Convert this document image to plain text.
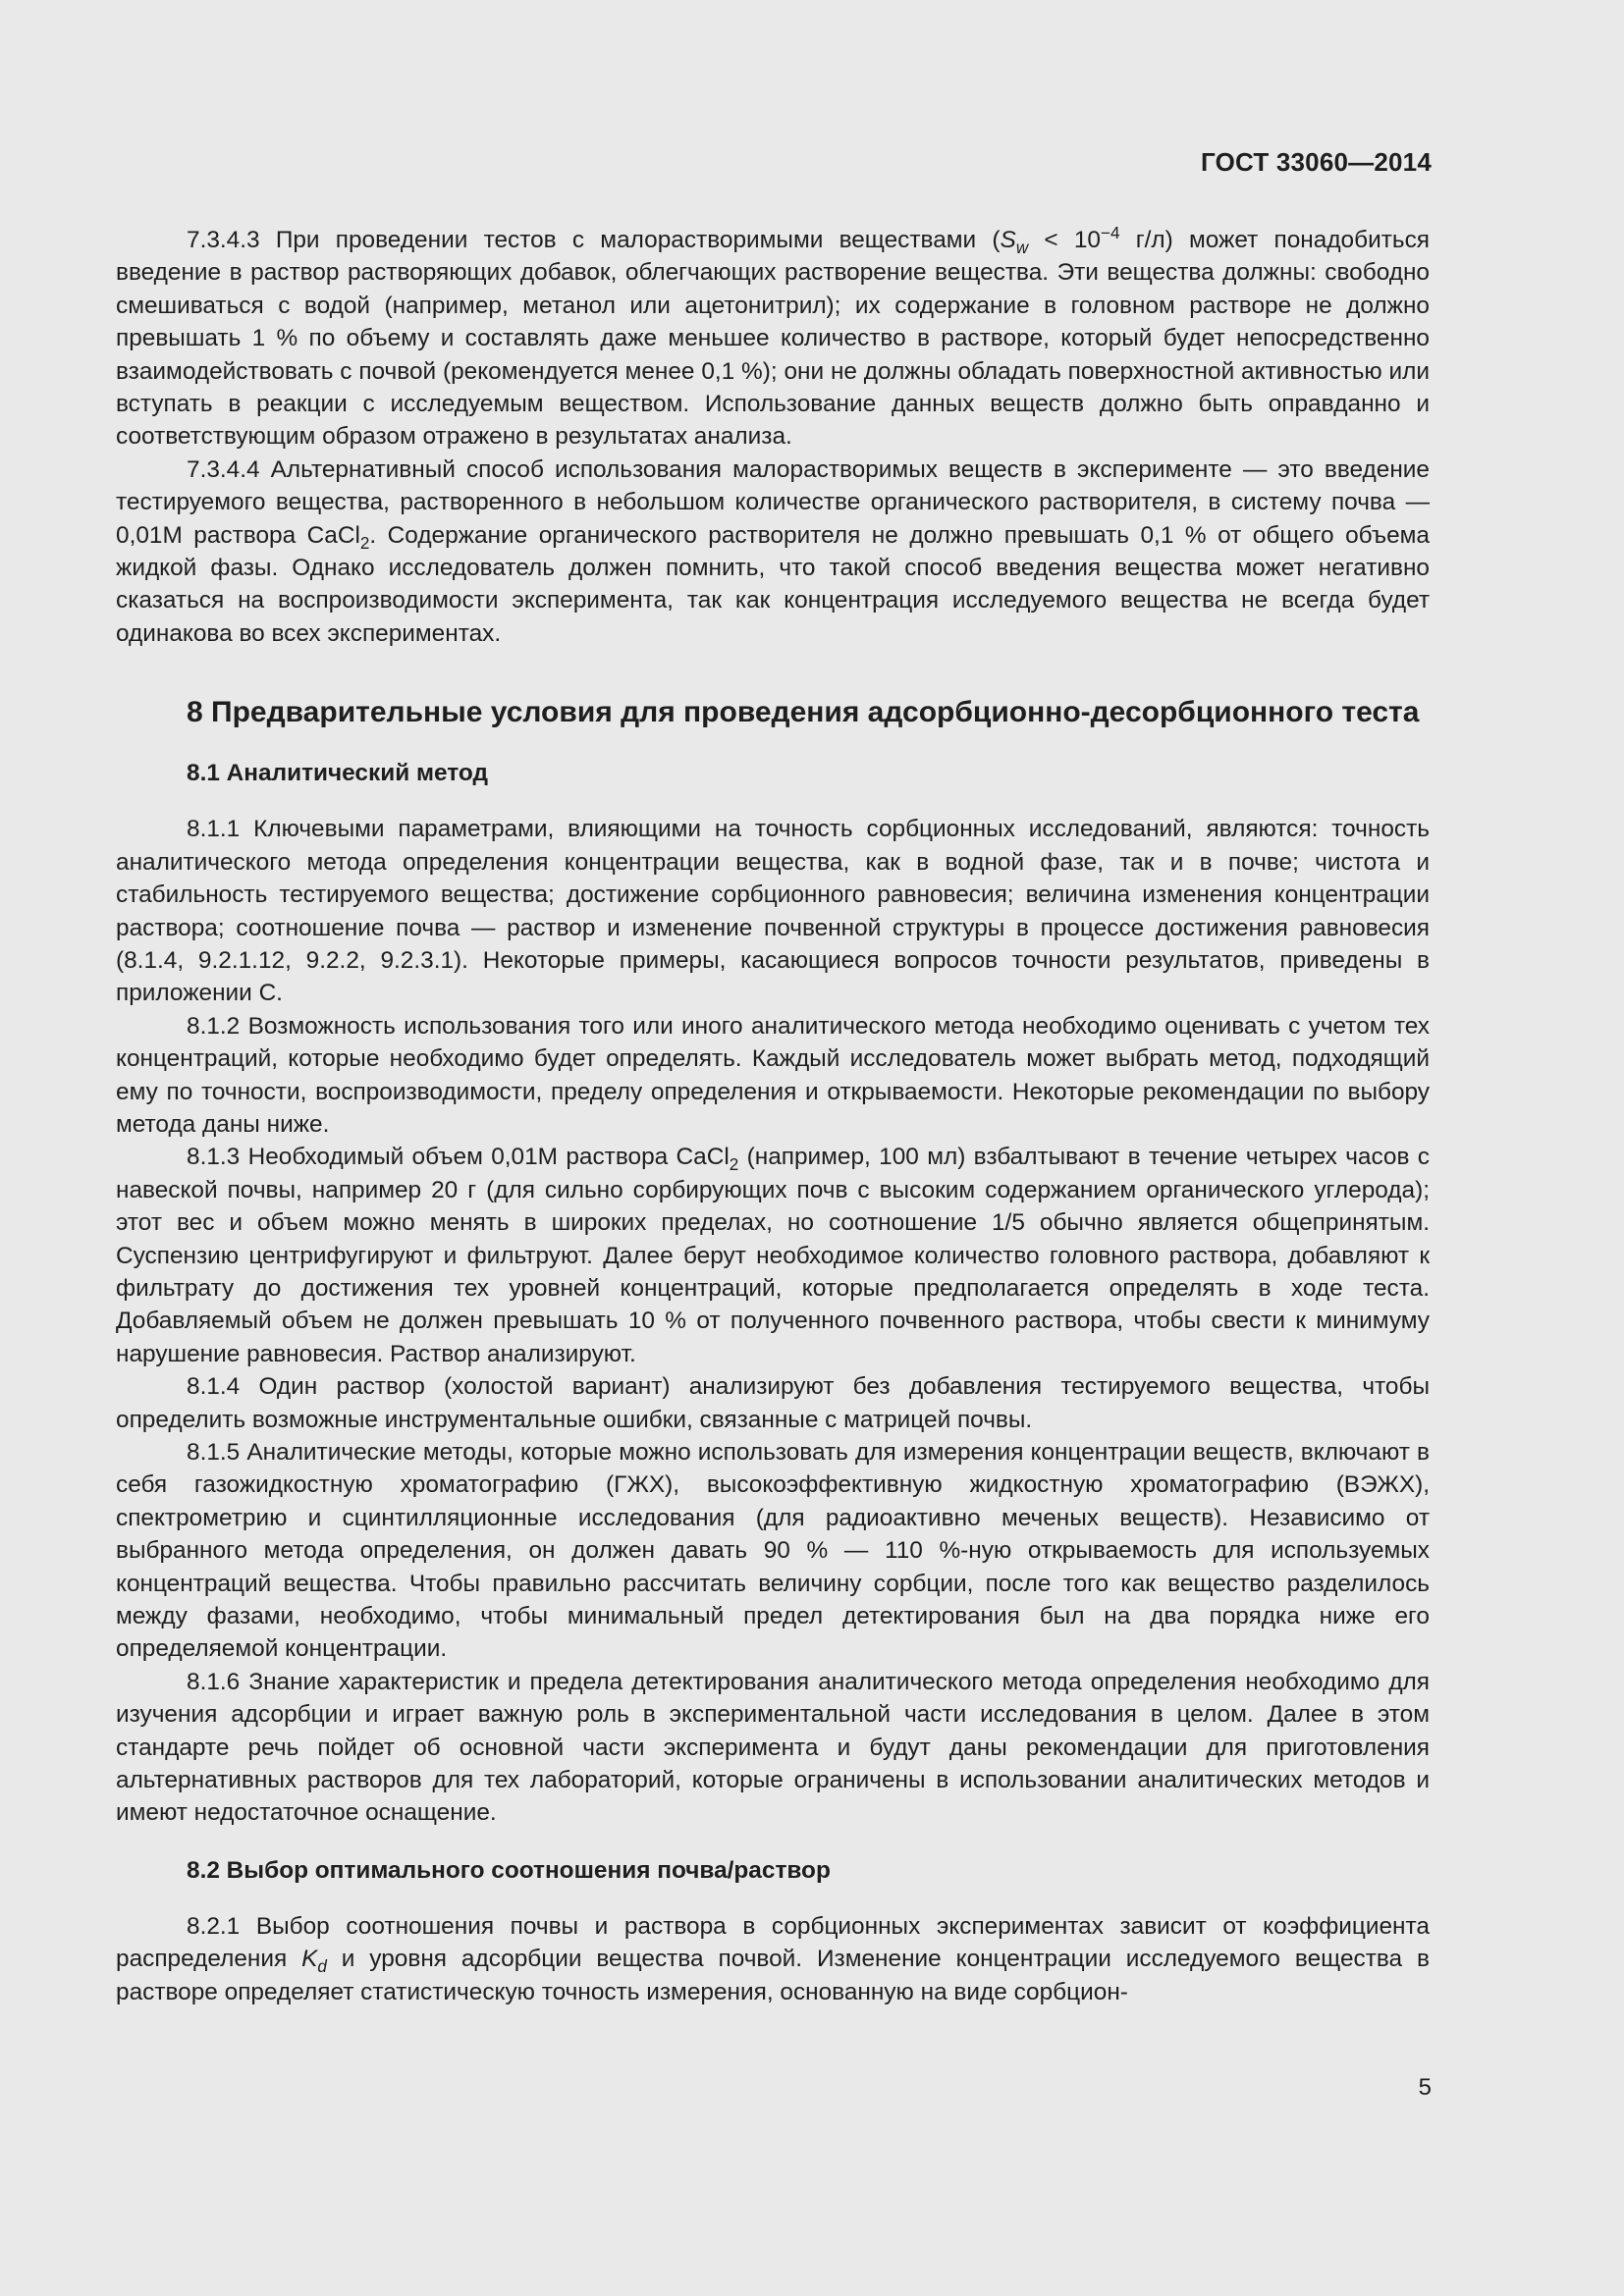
ГОСТ 33060—2014

7.3.4.3 При проведении тестов с малорастворимыми веществами ($S_w < 10^{-4}$ г/л) может понадобиться введение в раствор растворяющих добавок, облегчающих растворение вещества. Эти вещества должны: свободно смешиваться с водой (например, метанол или ацетонитрил); их содержание в головном растворе не должно превышать 1 % по объему и составлять даже меньшее количество в растворе, который будет непосредственно взаимодействовать с почвой (рекомендуется менее 0,1 %); они не должны обладать поверхностной активностью или вступать в реакции с исследуемым веществом. Использование данных веществ должно быть оправданно и соответствующим образом отражено в результатах анализа.

7.3.4.4 Альтернативный способ использования малорастворимых веществ в эксперименте — это введение тестируемого вещества, растворенного в небольшом количестве органического растворителя, в систему почва — 0,01М раствора CaCl$_2$. Содержание органического растворителя не должно превышать 0,1 % от общего объема жидкой фазы. Однако исследователь должен помнить, что такой способ введения вещества может негативно сказаться на воспроизводимости эксперимента, так как концентрация исследуемого вещества не всегда будет одинакова во всех экспериментах.

8 Предварительные условия для проведения адсорбционно-десорбционного теста
8.1 Аналитический метод

8.1.1 Ключевыми параметрами, влияющими на точность сорбционных исследований, являются: точность аналитического метода определения концентрации вещества, как в водной фазе, так и в почве; чистота и стабильность тестируемого вещества; достижение сорбционного равновесия; величина изменения концентрации раствора; соотношение почва — раствор и изменение почвенной структуры в процессе достижения равновесия (8.1.4, 9.2.1.12, 9.2.2, 9.2.3.1). Некоторые примеры, касающиеся вопросов точности результатов, приведены в приложении С.

8.1.2 Возможность использования того или иного аналитического метода необходимо оценивать с учетом тех концентраций, которые необходимо будет определять. Каждый исследователь может выбрать метод, подходящий ему по точности, воспроизводимости, пределу определения и открываемости. Некоторые рекомендации по выбору метода даны ниже.

8.1.3 Необходимый объем 0,01М раствора CaCl$_2$ (например, 100 мл) взбалтывают в течение четырех часов с навеской почвы, например 20 г (для сильно сорбирующих почв с высоким содержанием органического углерода); этот вес и объем можно менять в широких пределах, но соотношение 1/5 обычно является общепринятым. Суспензию центрифугируют и фильтруют. Далее берут необходимое количество головного раствора, добавляют к фильтрату до достижения тех уровней концентраций, которые предполагается определять в ходе теста. Добавляемый объем не должен превышать 10 % от полученного почвенного раствора, чтобы свести к минимуму нарушение равновесия. Раствор анализируют.

8.1.4 Один раствор (холостой вариант) анализируют без добавления тестируемого вещества, чтобы определить возможные инструментальные ошибки, связанные с матрицей почвы.

8.1.5 Аналитические методы, которые можно использовать для измерения концентрации веществ, включают в себя газожидкостную хроматографию (ГЖХ), высокоэффективную жидкостную хроматографию (ВЭЖХ), спектрометрию и сцинтилляционные исследования (для радиоактивно меченых веществ). Независимо от выбранного метода определения, он должен давать 90 % — 110 %-ную открываемость для используемых концентраций вещества. Чтобы правильно рассчитать величину сорбции, после того как вещество разделилось между фазами, необходимо, чтобы минимальный предел детектирования был на два порядка ниже его определяемой концентрации.

8.1.6 Знание характеристик и предела детектирования аналитического метода определения необходимо для изучения адсорбции и играет важную роль в экспериментальной части исследования в целом. Далее в этом стандарте речь пойдет об основной части эксперимента и будут даны рекомендации для приготовления альтернативных растворов для тех лабораторий, которые ограничены в использовании аналитических методов и имеют недостаточное оснащение.

8.2 Выбор оптимального соотношения почва/раствор

8.2.1 Выбор соотношения почвы и раствора в сорбционных экспериментах зависит от коэффициента распределения $K_d$ и уровня адсорбции вещества почвой. Изменение концентрации исследуемого вещества в растворе определяет статистическую точность измерения, основанную на виде сорбцион-

5
